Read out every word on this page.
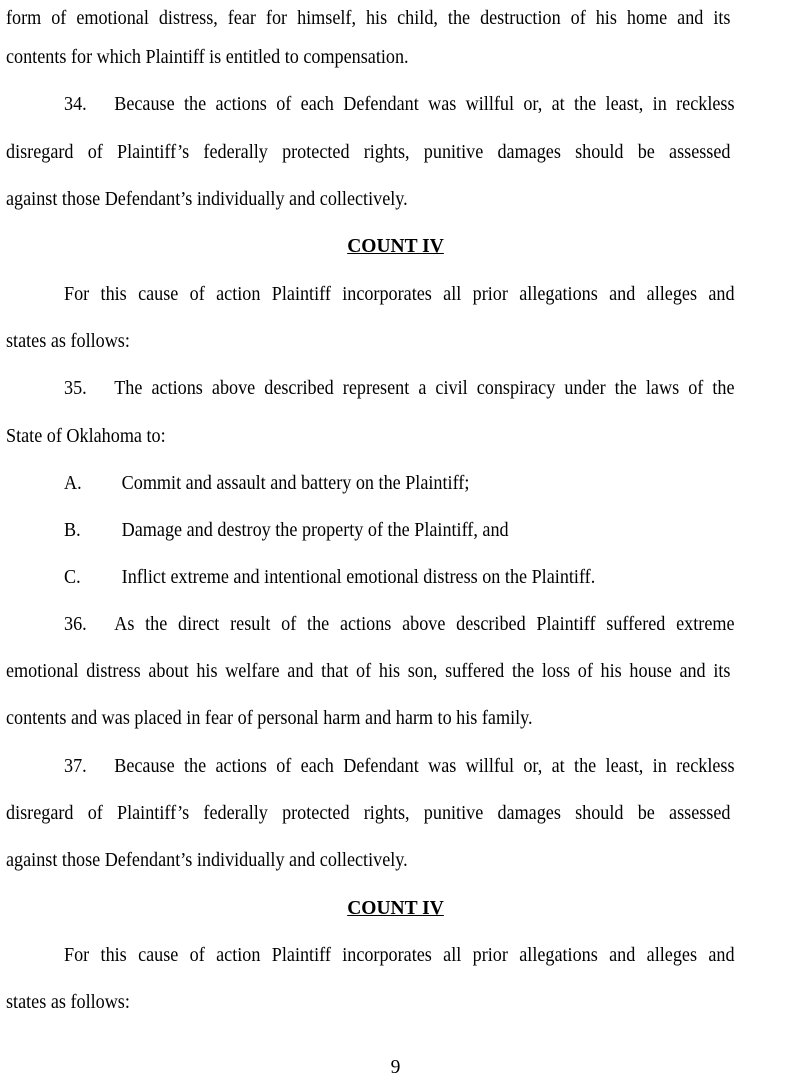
form of emotional distress, fear for himself, his child, the destruction of his home and its
contents for which Plaintiff is entitled to compensation.
34.	Because the actions of each Defendant was willful or, at the least, in reckless
disregard of Plaintiff’s federally protected rights, punitive damages should be assessed
against those Defendant’s individually and collectively.
COUNT IV
For this cause of action Plaintiff incorporates all prior allegations and alleges and
states as follows:
35.	The actions above described represent a civil conspiracy under the laws of the
State of Oklahoma to:
A. Commit and assault and battery on the Plaintiff;
B. Damage and destroy the property of the Plaintiff, and
C. Inflict extreme and intentional emotional distress on the Plaintiff.
36.	As the direct result of the actions above described Plaintiff suffered extreme
emotional distress about his welfare and that of his son, suffered the loss of his house and its
contents and was placed in fear of personal harm and harm to his family.
37.	Because the actions of each Defendant was willful or, at the least, in reckless
disregard of Plaintiff’s federally protected rights, punitive damages should be assessed
against those Defendant’s individually and collectively.
COUNT IV
For this cause of action Plaintiff incorporates all prior allegations and alleges and
states as follows:
9
